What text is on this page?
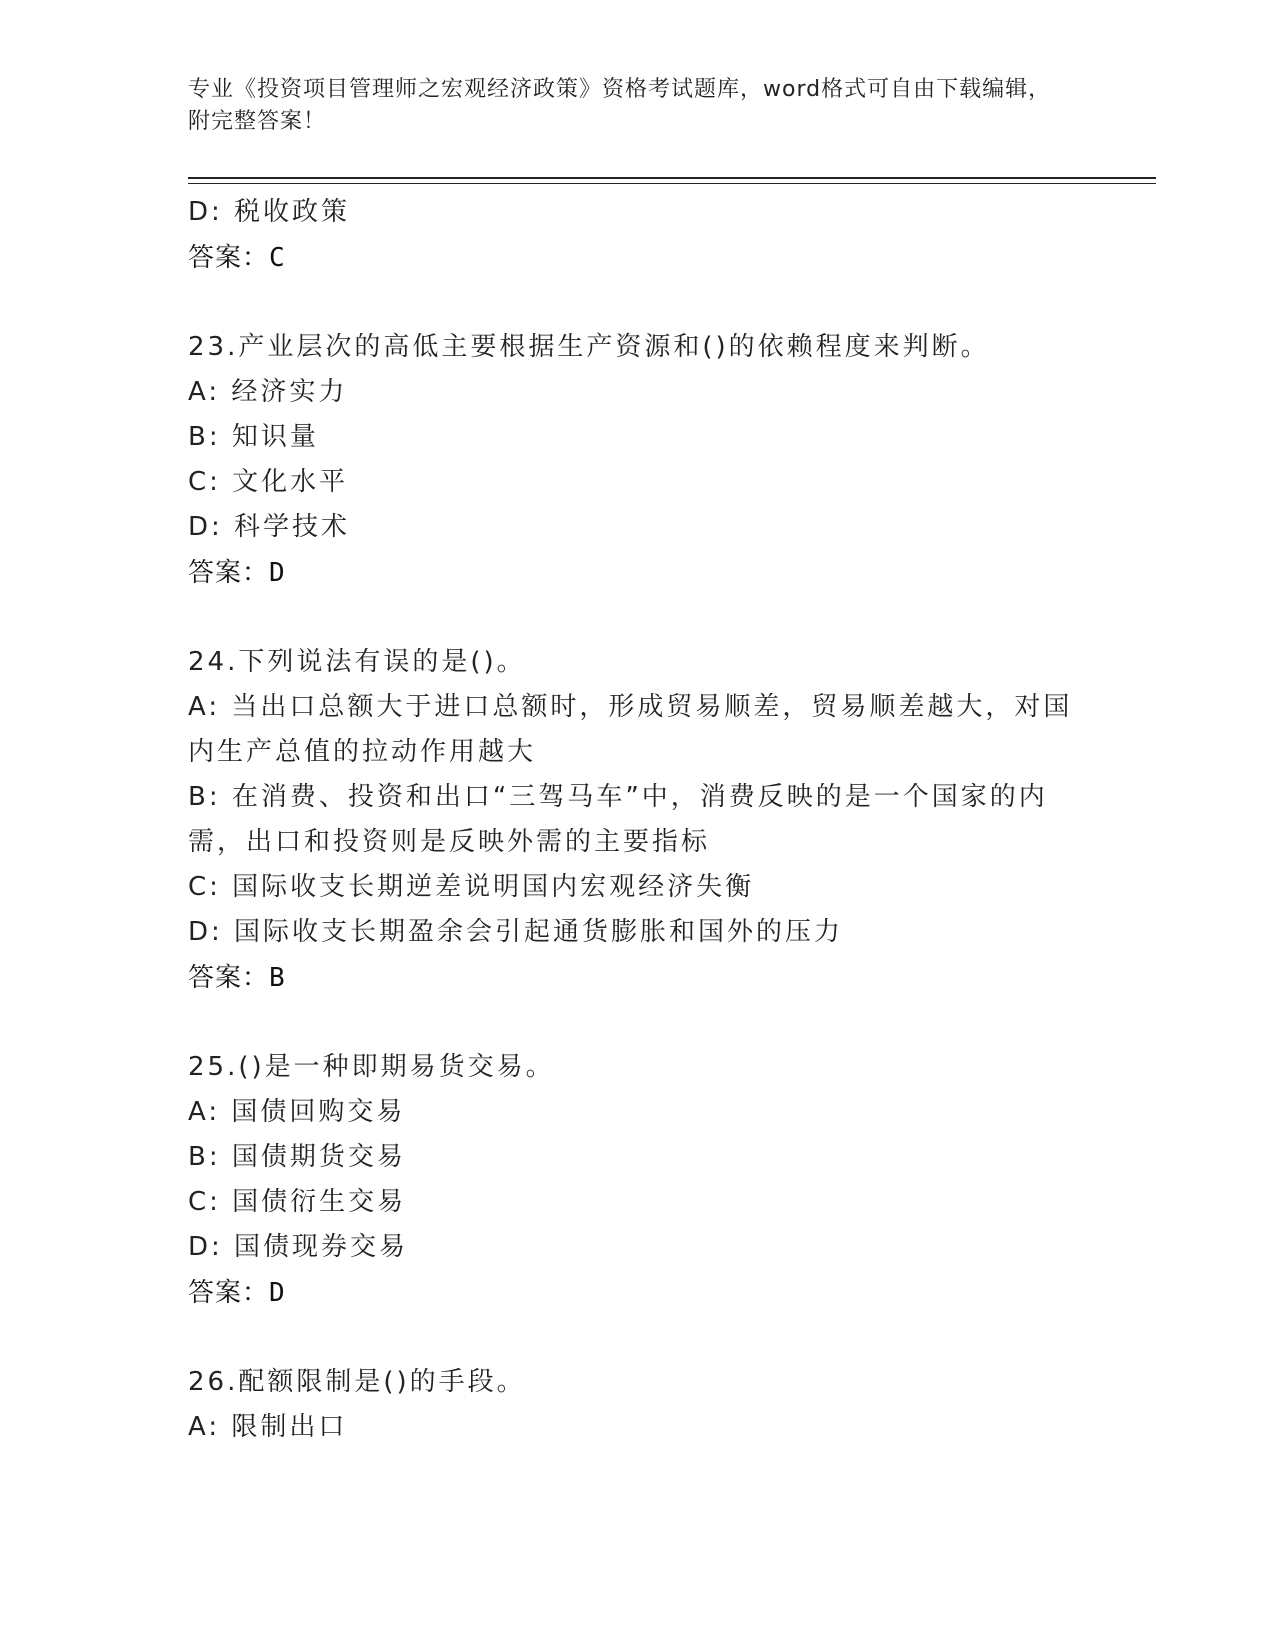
专业《投资项目管理师之宏观经济政策》资格考试题库，word格式可自由下载编辑，附完整答案！
D: 税收政策
答案：C
23.产业层次的高低主要根据生产资源和()的依赖程度来判断。
A: 经济实力
B: 知识量
C: 文化水平
D: 科学技术
答案：D
24.下列说法有误的是()。
A: 当出口总额大于进口总额时，形成贸易顺差，贸易顺差越大，对国内生产总值的拉动作用越大
B: 在消费、投资和出口“三驾马车”中，消费反映的是一个国家的内需，出口和投资则是反映外需的主要指标
C: 国际收支长期逆差说明国内宏观经济失衡
D: 国际收支长期盈余会引起通货膨胀和国外的压力
答案：B
25.()是一种即期易货交易。
A: 国债回购交易
B: 国债期货交易
C: 国债衍生交易
D: 国债现券交易
答案：D
26.配额限制是()的手段。
A: 限制出口
